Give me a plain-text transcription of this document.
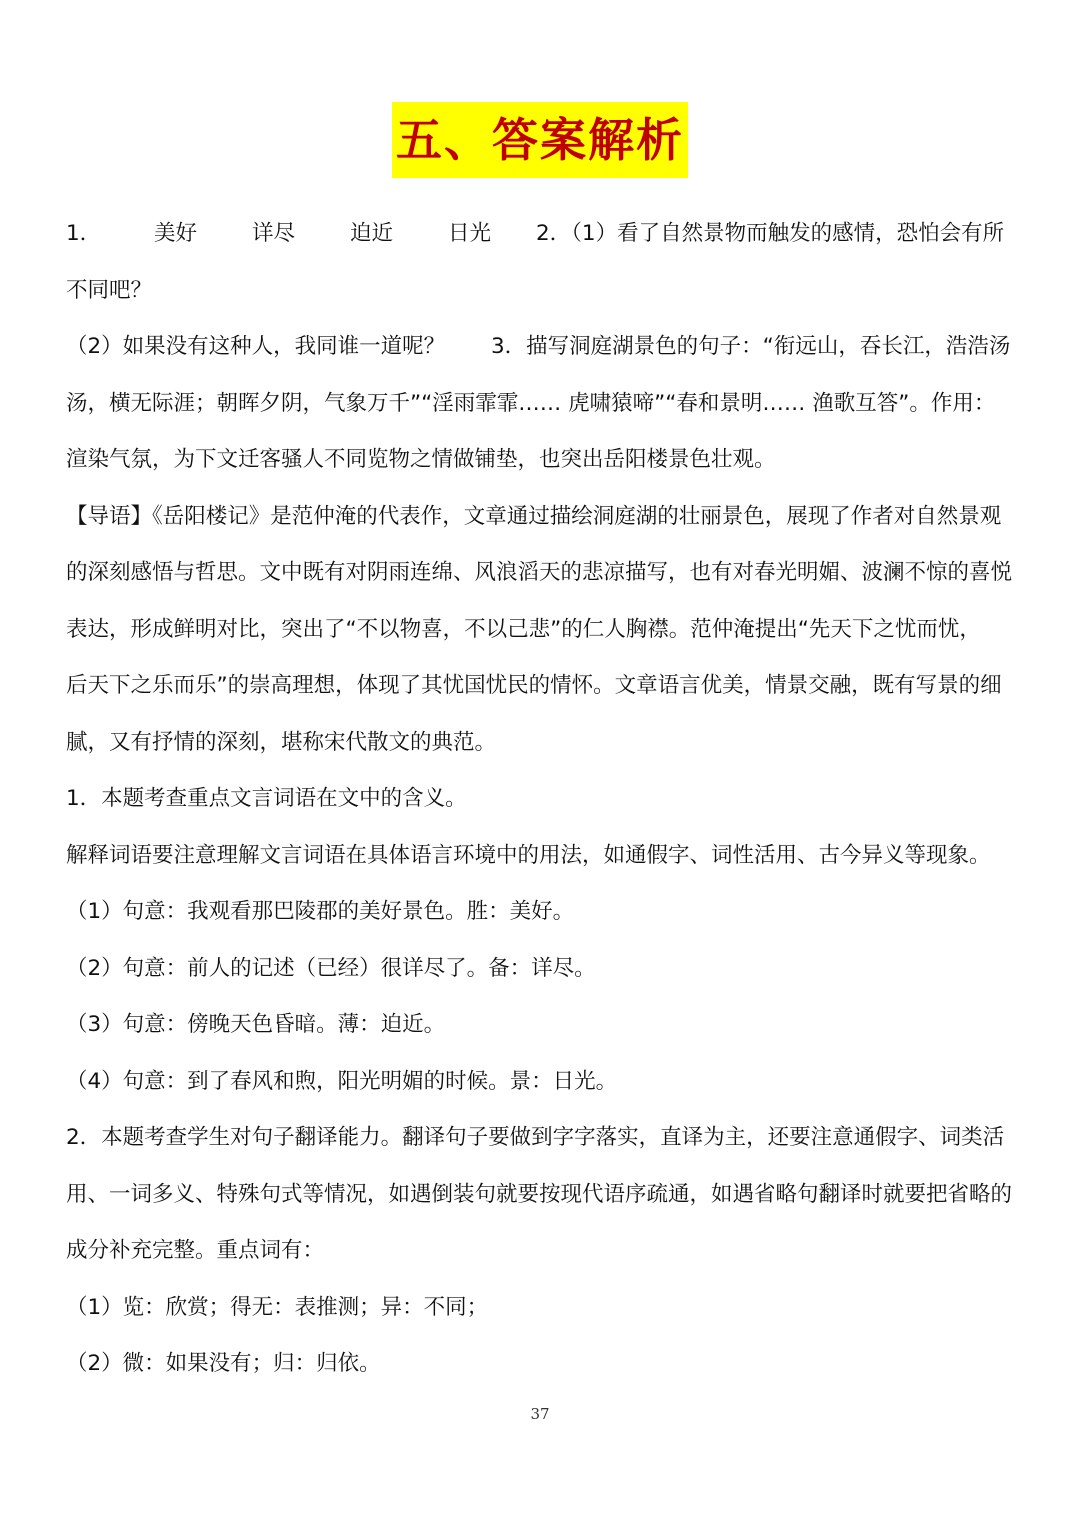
五、答案解析
1． 美好	详尽	迫近	日光 2．（1）看了自然景物而触发的感情，恐怕会有所
不同吧？
（2）如果没有这种人，我同谁一道呢？ 3．描写洞庭湖景色的句子：“衔远山，吞长江，浩浩汤
汤，横无际涯；朝晖夕阴，气象万千”“淫雨霏霏…… 虎啸猿啼”“春和景明…… 渔歌互答”。作用：
渲染气氛，为下文迁客骚人不同览物之情做铺垫，也突出岳阳楼景色壮观。
【导语】《岳阳楼记》是范仲淹的代表作，文章通过描绘洞庭湖的壮丽景色，展现了作者对自然景观
的深刻感悟与哲思。文中既有对阴雨连绵、风浪滔天的悲凉描写，也有对春光明媚、波澜不惊的喜悦
表达，形成鲜明对比，突出了“不以物喜，不以己悲”的仁人胸襟。范仲淹提出“先天下之忧而忧，
后天下之乐而乐”的崇高理想，体现了其忧国忧民的情怀。文章语言优美，情景交融，既有写景的细
腻，又有抒情的深刻，堪称宋代散文的典范。
1．本题考查重点文言词语在文中的含义。
解释词语要注意理解文言词语在具体语言环境中的用法，如通假字、词性活用、古今异义等现象。
（1）句意：我观看那巴陵郡的美好景色。胜：美好。
（2）句意：前人的记述（已经）很详尽了。备：详尽。
（3）句意：傍晚天色昏暗。薄：迫近。
（4）句意：到了春风和煦，阳光明媚的时候。景：日光。
2．本题考查学生对句子翻译能力。翻译句子要做到字字落实，直译为主，还要注意通假字、词类活
用、一词多义、特殊句式等情况，如遇倒装句就要按现代语序疏通，如遇省略句翻译时就要把省略的
成分补充完整。重点词有：
（1）览：欣赏；得无：表推测；异：不同；
（2）微：如果没有；归：归依。
37
